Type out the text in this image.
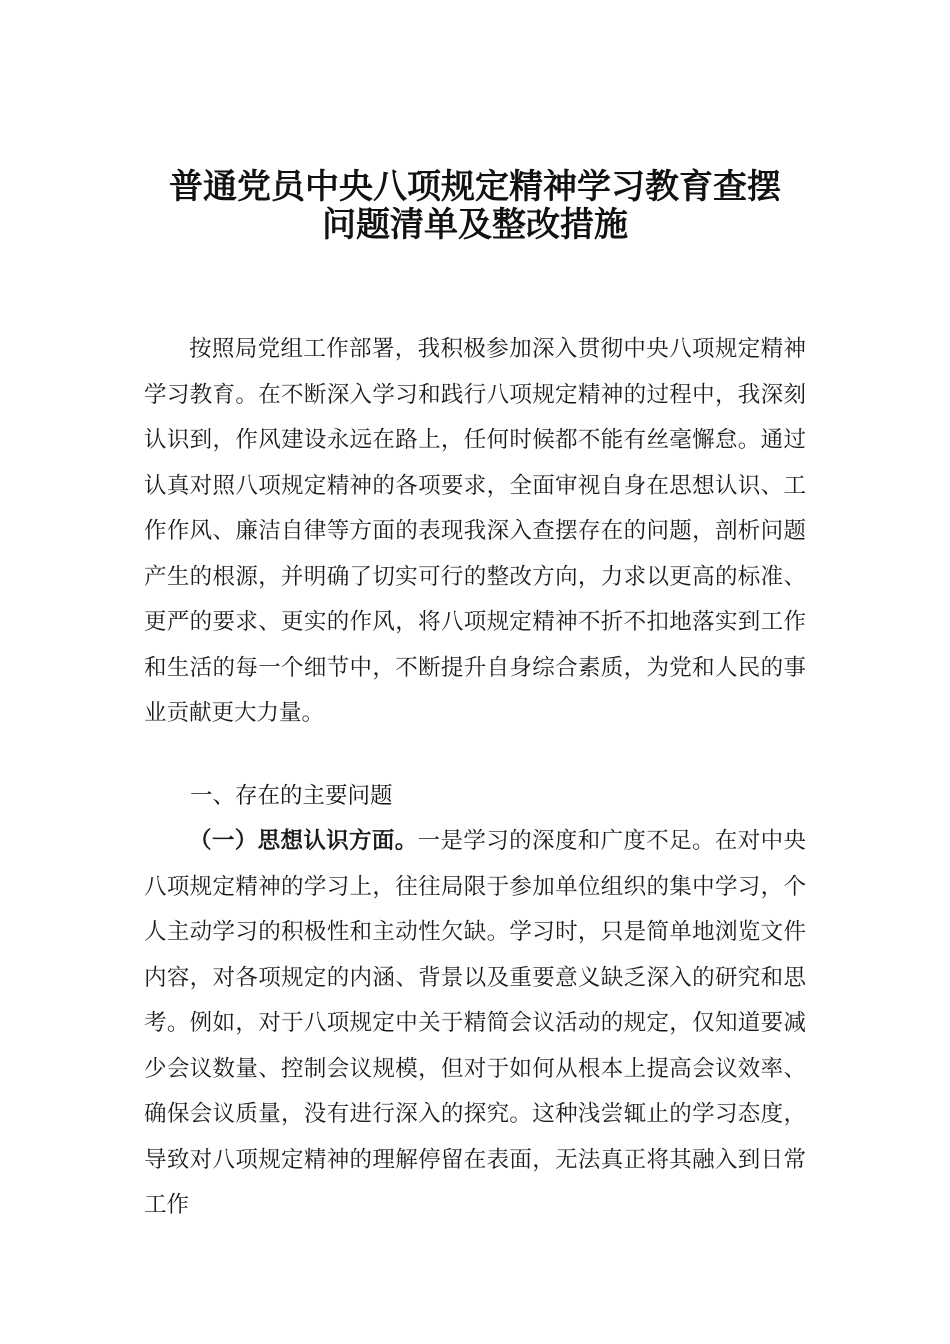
普通党员中央八项规定精神学习教育查摆
问题清单及整改措施
按照局党组工作部署，我积极参加深入贯彻中央八项规定精神学习教育。在不断深入学习和践行八项规定精神的过程中，我深刻认识到，作风建设永远在路上，任何时候都不能有丝毫懈怠。通过认真对照八项规定精神的各项要求，全面审视自身在思想认识、工作作风、廉洁自律等方面的表现我深入查摆存在的问题，剖析问题产生的根源，并明确了切实可行的整改方向，力求以更高的标准、更严的要求、更实的作风，将八项规定精神不折不扣地落实到工作和生活的每一个细节中，不断提升自身综合素质，为党和人民的事业贡献更大力量。
一、存在的主要问题
（一）思想认识方面。一是学习的深度和广度不足。在对中央八项规定精神的学习上，往往局限于参加单位组织的集中学习，个人主动学习的积极性和主动性欠缺。学习时，只是简单地浏览文件内容，对各项规定的内涵、背景以及重要意义缺乏深入的研究和思考。例如，对于八项规定中关于精简会议活动的规定，仅知道要减少会议数量、控制会议规模，但对于如何从根本上提高会议效率、确保会议质量，没有进行深入的探究。这种浅尝辄止的学习态度，导致对八项规定精神的理解停留在表面，无法真正将其融入到日常工作
